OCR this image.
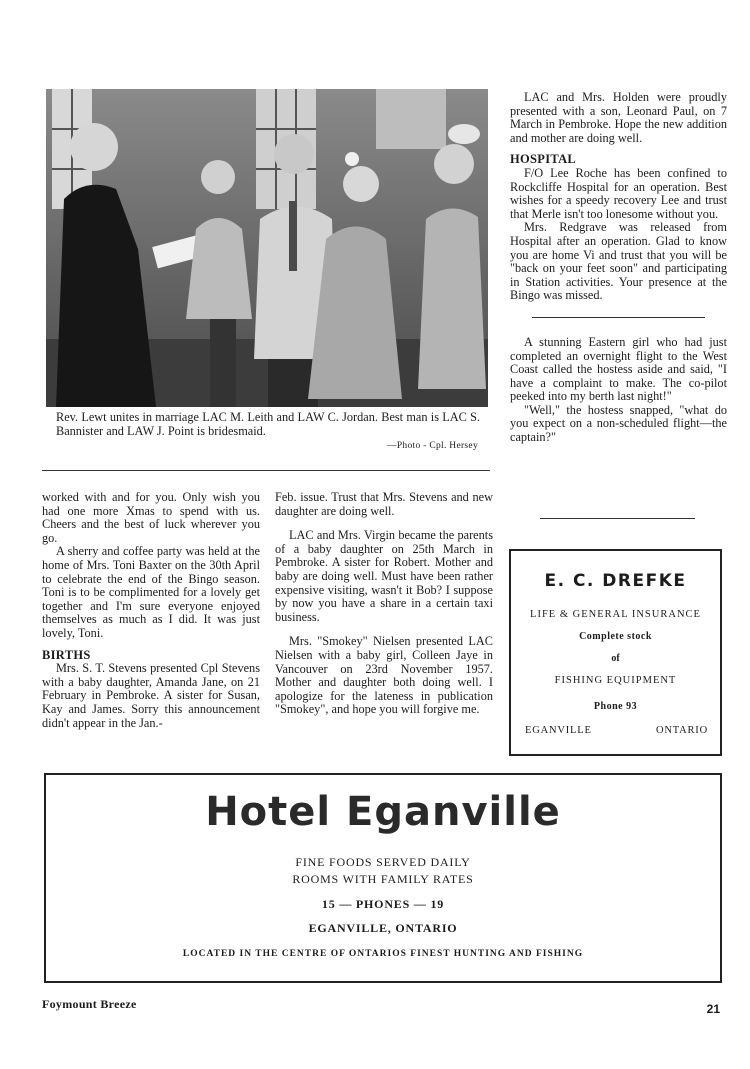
Rev. Lewt unites in marriage LAC M. Leith and LAW C. Jordan. Best man is LAC S. Bannister and LAW J. Point is bridesmaid.
—Photo - Cpl. Hersey

LAC and Mrs. Holden were proudly presented with a son, Leonard Paul, on 7 March in Pembroke. Hope the new addition and mother are doing well.

HOSPITAL

F/O Lee Roche has been confined to Rockcliffe Hospital for an operation. Best wishes for a speedy recovery Lee and trust that Merle isn't too lonesome without you.

Mrs. Redgrave was released from Hospital after an operation. Glad to know you are home Vi and trust that you will be "back on your feet soon" and participating in Station activities. Your presence at the Bingo was missed.

A stunning Eastern girl who had just completed an overnight flight to the West Coast called the hostess aside and said, "I have a complaint to make. The co-pilot peeked into my berth last night!"

"Well," the hostess snapped, "what do you expect on a non-scheduled flight—the captain?"

worked with and for you. Only wish you had one more Xmas to spend with us. Cheers and the best of luck wherever you go.

A sherry and coffee party was held at the home of Mrs. Toni Baxter on the 30th April to celebrate the end of the Bingo season. Toni is to be complimented for a lovely get together and I'm sure everyone enjoyed themselves as much as I did. It was just lovely, Toni.

BIRTHS

Mrs. S. T. Stevens presented Cpl Stevens with a baby daughter, Amanda Jane, on 21 February in Pembroke. A sister for Susan, Kay and James. Sorry this announcement didn't appear in the Jan.-

Feb. issue. Trust that Mrs. Stevens and new daughter are doing well.

LAC and Mrs. Virgin became the parents of a baby daughter on 25th March in Pembroke. A sister for Robert. Mother and baby are doing well. Must have been rather expensive visiting, wasn't it Bob? I suppose by now you have a share in a certain taxi business.

Mrs. "Smokey" Nielsen presented LAC Nielsen with a baby girl, Colleen Jaye in Vancouver on 23rd November 1957. Mother and daughter both doing well. I apologize for the lateness in publication "Smokey", and hope you will forgive me.

E. C. DREFKE
LIFE & GENERAL INSURANCE
Complete stock
of
FISHING EQUIPMENT
Phone 93
EGANVILLE	ONTARIO
Hotel Eganville
FINE FOODS SERVED DAILY
ROOMS WITH FAMILY RATES
15 — PHONES — 19
EGANVILLE, ONTARIO
LOCATED IN THE CENTRE OF ONTARIOS FINEST HUNTING AND FISHING
Foymount Breeze	21
